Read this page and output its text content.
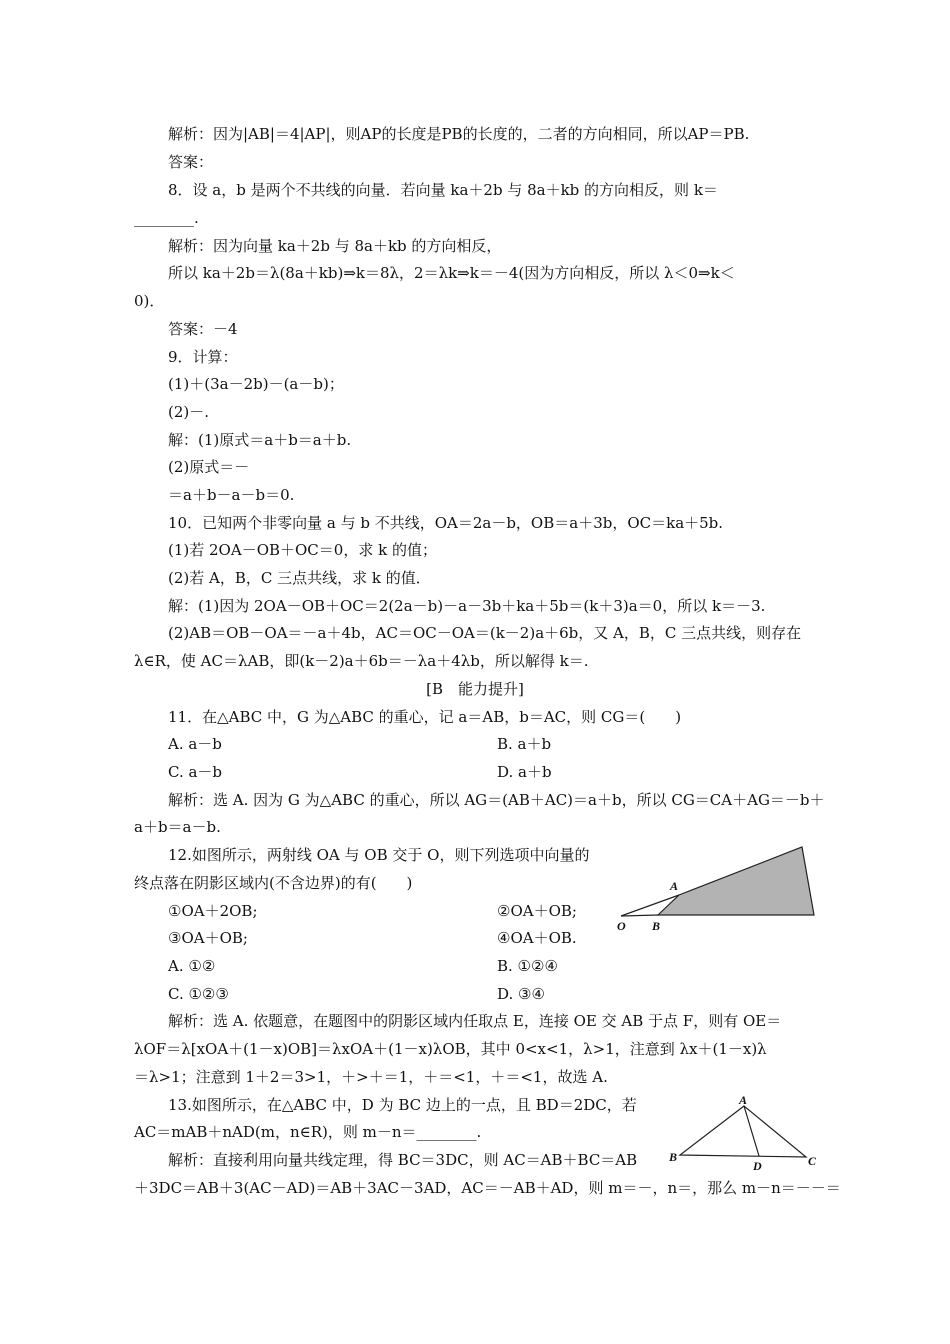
解析：因为|AB|＝4|AP|，则AP的长度是PB的长度的，二者的方向相同，所以AP＝PB.
答案：
8．设 a，b 是两个不共线的向量．若向量 ka＋2b 与 8a＋kb 的方向相反，则 k＝
________.
解析：因为向量 ka＋2b 与 8a＋kb 的方向相反，
所以 ka＋2b＝λ(8a＋kb)⇒k＝8λ，2＝λk⇒k＝－4(因为方向相反，所以 λ＜0⇒k＜
0)．
答案：－4
9．计算：
(1)＋(3a－2b)－(a－b)；
(2)－.
解：(1)原式＝a＋b＝a＋b.
(2)原式＝－
＝a＋b－a－b＝0.
10．已知两个非零向量 a 与 b 不共线，OA＝2a－b，OB＝a＋3b，OC＝ka＋5b.
(1)若 2OA－OB＋OC＝0，求 k 的值；
(2)若 A，B，C 三点共线，求 k 的值．
解：(1)因为 2OA－OB＋OC＝2(2a－b)－a－3b＋ka＋5b＝(k＋3)a＝0，所以 k＝－3.
(2)AB＝OB－OA＝－a＋4b，AC＝OC－OA＝(k－2)a＋6b，又 A，B，C 三点共线，则存在
λ∈R，使 AC＝λAB，即(k－2)a＋6b＝－λa＋4λb，所以解得 k＝.
[B　能力提升]
11．在△ABC 中，G 为△ABC 的重心，记 a＝AB，b＝AC，则 CG＝(　　)
A. a－b	B. a＋b
C. a－b	D. a＋b
解析：选 A. 因为 G 为△ABC 的重心，所以 AG＝(AB＋AC)＝a＋b，所以 CG＝CA＋AG＝－b＋
a＋b＝a－b.
12.如图所示，两射线 OA 与 OB 交于 O，则下列选项中向量的
终点落在阴影区域内(不含边界)的有(　　)
①OA＋2OB;	②OA＋OB;
③OA＋OB;	④OA＋OB.
A. ①②	B. ①②④
C. ①②③	D. ③④
解析：选 A. 依题意，在题图中的阴影区域内任取点 E，连接 OE 交 AB 于点 F，则有 OE＝
λOF＝λ[xOA＋(1－x)OB]＝λxOA＋(1－x)λOB，其中 0<x<1，λ>1，注意到 λx＋(1－x)λ
＝λ>1；注意到 1＋2＝3>1，＋>＋＝1，＋＝<1，＋＝<1，故选 A.
13.如图所示，在△ABC 中，D 为 BC 边上的一点，且 BD＝2DC，若
AC＝mAB＋nAD(m，n∈R)，则 m－n＝________.
解析：直接利用向量共线定理，得 BC＝3DC，则 AC＝AB＋BC＝AB
＋3DC＝AB＋3(AC－AD)＝AB＋3AC－3AD，AC＝－AB＋AD，则 m＝－，n＝，那么 m－n＝－－＝
A
O B
A
B
D	C
